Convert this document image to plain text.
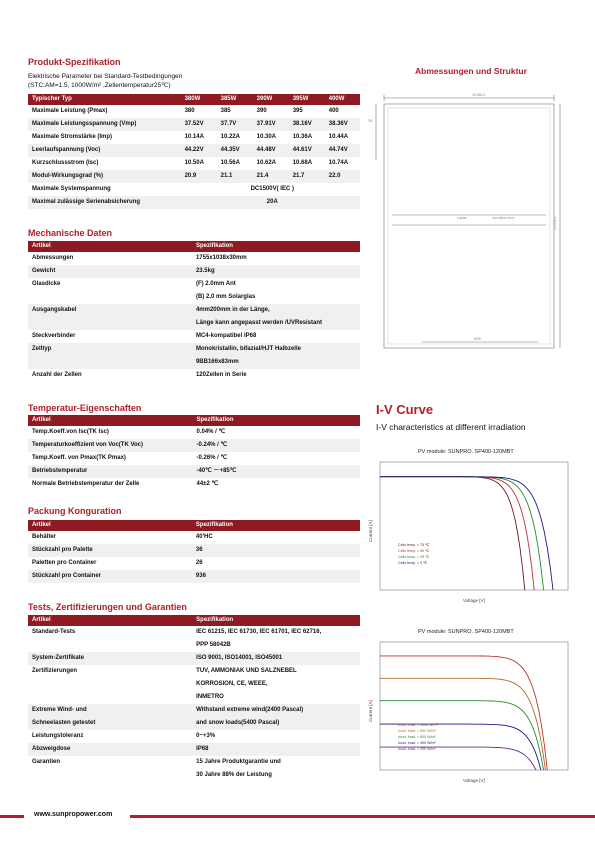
Produkt-Spezifikation
Elektrische Parameter bei Standard-Testbedingungen
(STC:AM=1.5, 1000W/m² ,Zellentemperatur25℃)
Typischer Typ	380W	385W	390W	395W	400W
Maximale Leistung (Pmax)	380	385	390	395	400
Maximale Leistungsspannung (Vmp)	37.52V	37.7V	37.91V	38.16V	38.36V
Maximale Stromstärke (Imp)	10.14A	10.22A	10.30A	10.36A	10.44A
Leerlaufspannung (Voc)	44.22V	44.35V	44.48V	44.61V	44.74V
Kurzschlussstrom (Isc)	10.50A	10.56A	10.62A	10.68A	10.74A
Modul-Wirkungsgrad (%)	20.9	21.1	21.4	21.7	22.0
Maximale Systemspannung	DC1500V( IEC )				
Maximal zulässige Serienabsicherung	20A				
Mechanische Daten
Artikel	Spezifikation
Abmessungen	1755x1038x30mm
Gewicht	23.5kg
Glasdicke	(F) 2.0mm Ant
(B) 2,0 mm Solarglas
Ausgangskabel	4mm200mm in der Länge,
Länge kann angepasst werden /UVResistant
Steckverbinder	MC4-kompatibel IP68
Zelltyp	Monokristallin, bifazial/HJT Halbzelle
9BB166x83mm
Anzahl der Zellen	120Zellen in Serie
Temperatur-Eigenschaften
Artikel	Spezifikation
Temp.Koeff.von Isc(TK Isc)	0.04% / ℃
Temperaturkoeffizient von Voc(TK Voc)	-0.24% / ℃
Temp.Koeff. von Pmax(TK Pmax)	-0.26% / ℃
Betriebstemperatur	-40℃ ～+85℃
Normale Betriebstemperatur der Zelle	44±2 ℃
Packung Konguration
Artikel	Spezifikation
Behälter	40'HC
Stückzahl pro Palette	36
Paletten pro Container	26
Stückzahl pro Container	936
Tests, Zertifizierungen und Garantien
Artikel	Spezifikation
Standard-Tests	IEC 61215, IEC 61730, IEC 61701, IEC 62716,
PPP 58042B
System-Zertifikate	ISO 9001, ISO14001, ISO45001
Zertifizierungen	TUV, AMMONIAK UND SALZNEBEL
KORROSION, CE, WEEE,
INMETRO
Extreme Wind- und
Schneelasten getestet	Withstand extreme wind(2400 Pascal)
and snow loads(5400 Pascal)
Leistungstoleranz	0~+3%
Abzweigdose	IP68
Garantien	15 Jahre Produktgarantie und
30 Jahre 88% der Leistung
Abmessungen und Struktur
1038±1
35
1755±1
898
Label	Junction box
I-V Curve
I-V characteristics at different irradiation
PV module: SUNPRO. SP400-120MBT
Voltage [V]
Current [A]
Cells temp. = 75 ℃
Cells temp. = 50 ℃
Cells temp. = 25 ℃
Cells temp. = 0 ℃
PV module: SUNPRO. SP400-120MBT
Voltage [V]
Current [A]
Incid. Irrad. = 1000 W/m²
Incid. Irrad. = 800 W/m²
Incid. Irrad. = 600 W/m²
Incid. Irrad. = 400 W/m²
Incid. Irrad. = 200 W/m²
www.sunpropower.com
